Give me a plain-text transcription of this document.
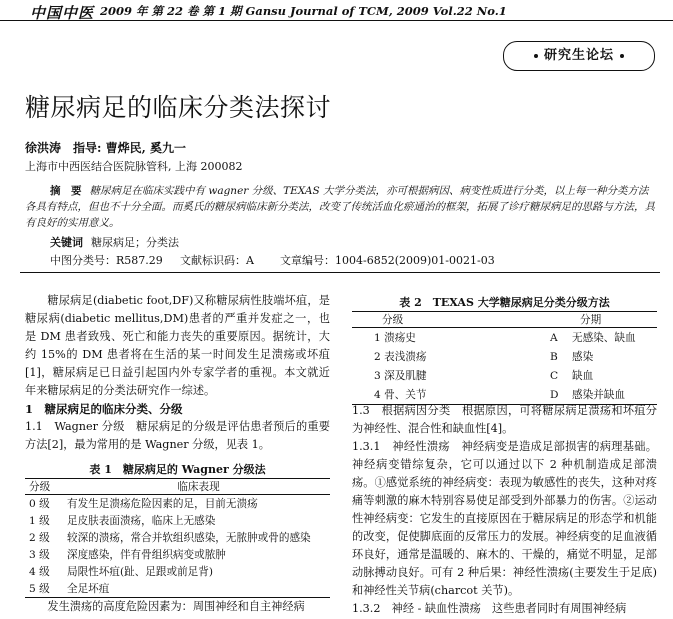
中国中医 2009 年 第 22 卷 第 1 期 Gansu Journal of TCM, 2009 Vol.22 No.1
研究生论坛
糖尿病足的临床分类法探讨
徐洪涛　指导: 曹烨民, 奚九一
上海市中西医结合医院脉管科, 上海 200082
摘　要 糖尿病足在临床实践中有 wagner 分级、TEXAS 大学分类法，亦可根据病因、病变性质进行分类，以上每一种分类方法各具有特点，但也不十分全面。而奚氏的糖尿病临床新分类法，改变了传统活血化瘀通治的框架，拓展了诊疗糖尿病足的思路与方法，具有良好的实用意义。
关键词 糖尿病足；分类法
中图分类号：R587.29 文献标识码：A 文章编号：1004-6852(2009)01-0021-03

糖尿病足(diabetic foot,DF)又称糖尿病性肢端坏疽，是糖尿病(diabetic mellitus,DM)患者的严重并发症之一，也是 DM 患者致残、死亡和能力丧失的重要原因。据统计，大约 15%的 DM 患者将在生活的某一时间发生足溃疡或坏疽[1]，糖尿病足已日益引起国内外专家学者的重视。本文就近年来糖尿病足的分类法研究作一综述。

1　糖尿病足的临床分类、分级

1.1　Wagner 分级　糖尿病足的分级是评估患者预后的重要方法[2]，最为常用的是 Wagner 分级，见表 1。

表 1　糖尿病足的 Wagner 分级法
分级	临床表现
0 级	有发生足溃疡危险因素的足，目前无溃疡
1 级	足皮肤表面溃疡，临床上无感染
2 级	较深的溃疡，常合并软组织感染，无脓肿或骨的感染
3 级	深度感染，伴有骨组织病变或脓肿
4 级	局限性坏疽(趾、足跟或前足背)
5 级	全足坏疽

发生溃疡的高度危险因素为：周围神经和自主神经病

表 2　TEXAS 大学糖尿病足分类分级方法
分级	分期	
1 溃疡史	A	无感染、缺血
2 表浅溃疡	B	感染
3 深及肌腱	C	缺血
4 骨、关节	D	感染并缺血

1.3　根据病因分类　根据原因，可将糖尿病足溃疡和坏疽分为神经性、混合性和缺血性[4]。

1.3.1　神经性溃疡　神经病变是造成足部损害的病理基础。神经病变错综复杂，它可以通过以下 2 种机制造成足部溃疡。①感觉系统的神经病变：表现为敏感性的丧失，这种对疼痛等刺激的麻木特别容易使足部受到外部暴力的伤害。②运动性神经病变：它发生的直接原因在于糖尿病足的形态学和机能的改变，促使脚底面的反常压力的发展。神经病变的足血液循环良好，通常是温暖的、麻木的、干燥的，痛觉不明显，足部动脉搏动良好。可有 2 种后果：神经性溃疡(主要发生于足底)和神经性关节病(charcot 关节)。

1.3.2　神经 - 缺血性溃疡　这些患者同时有周围神经病
